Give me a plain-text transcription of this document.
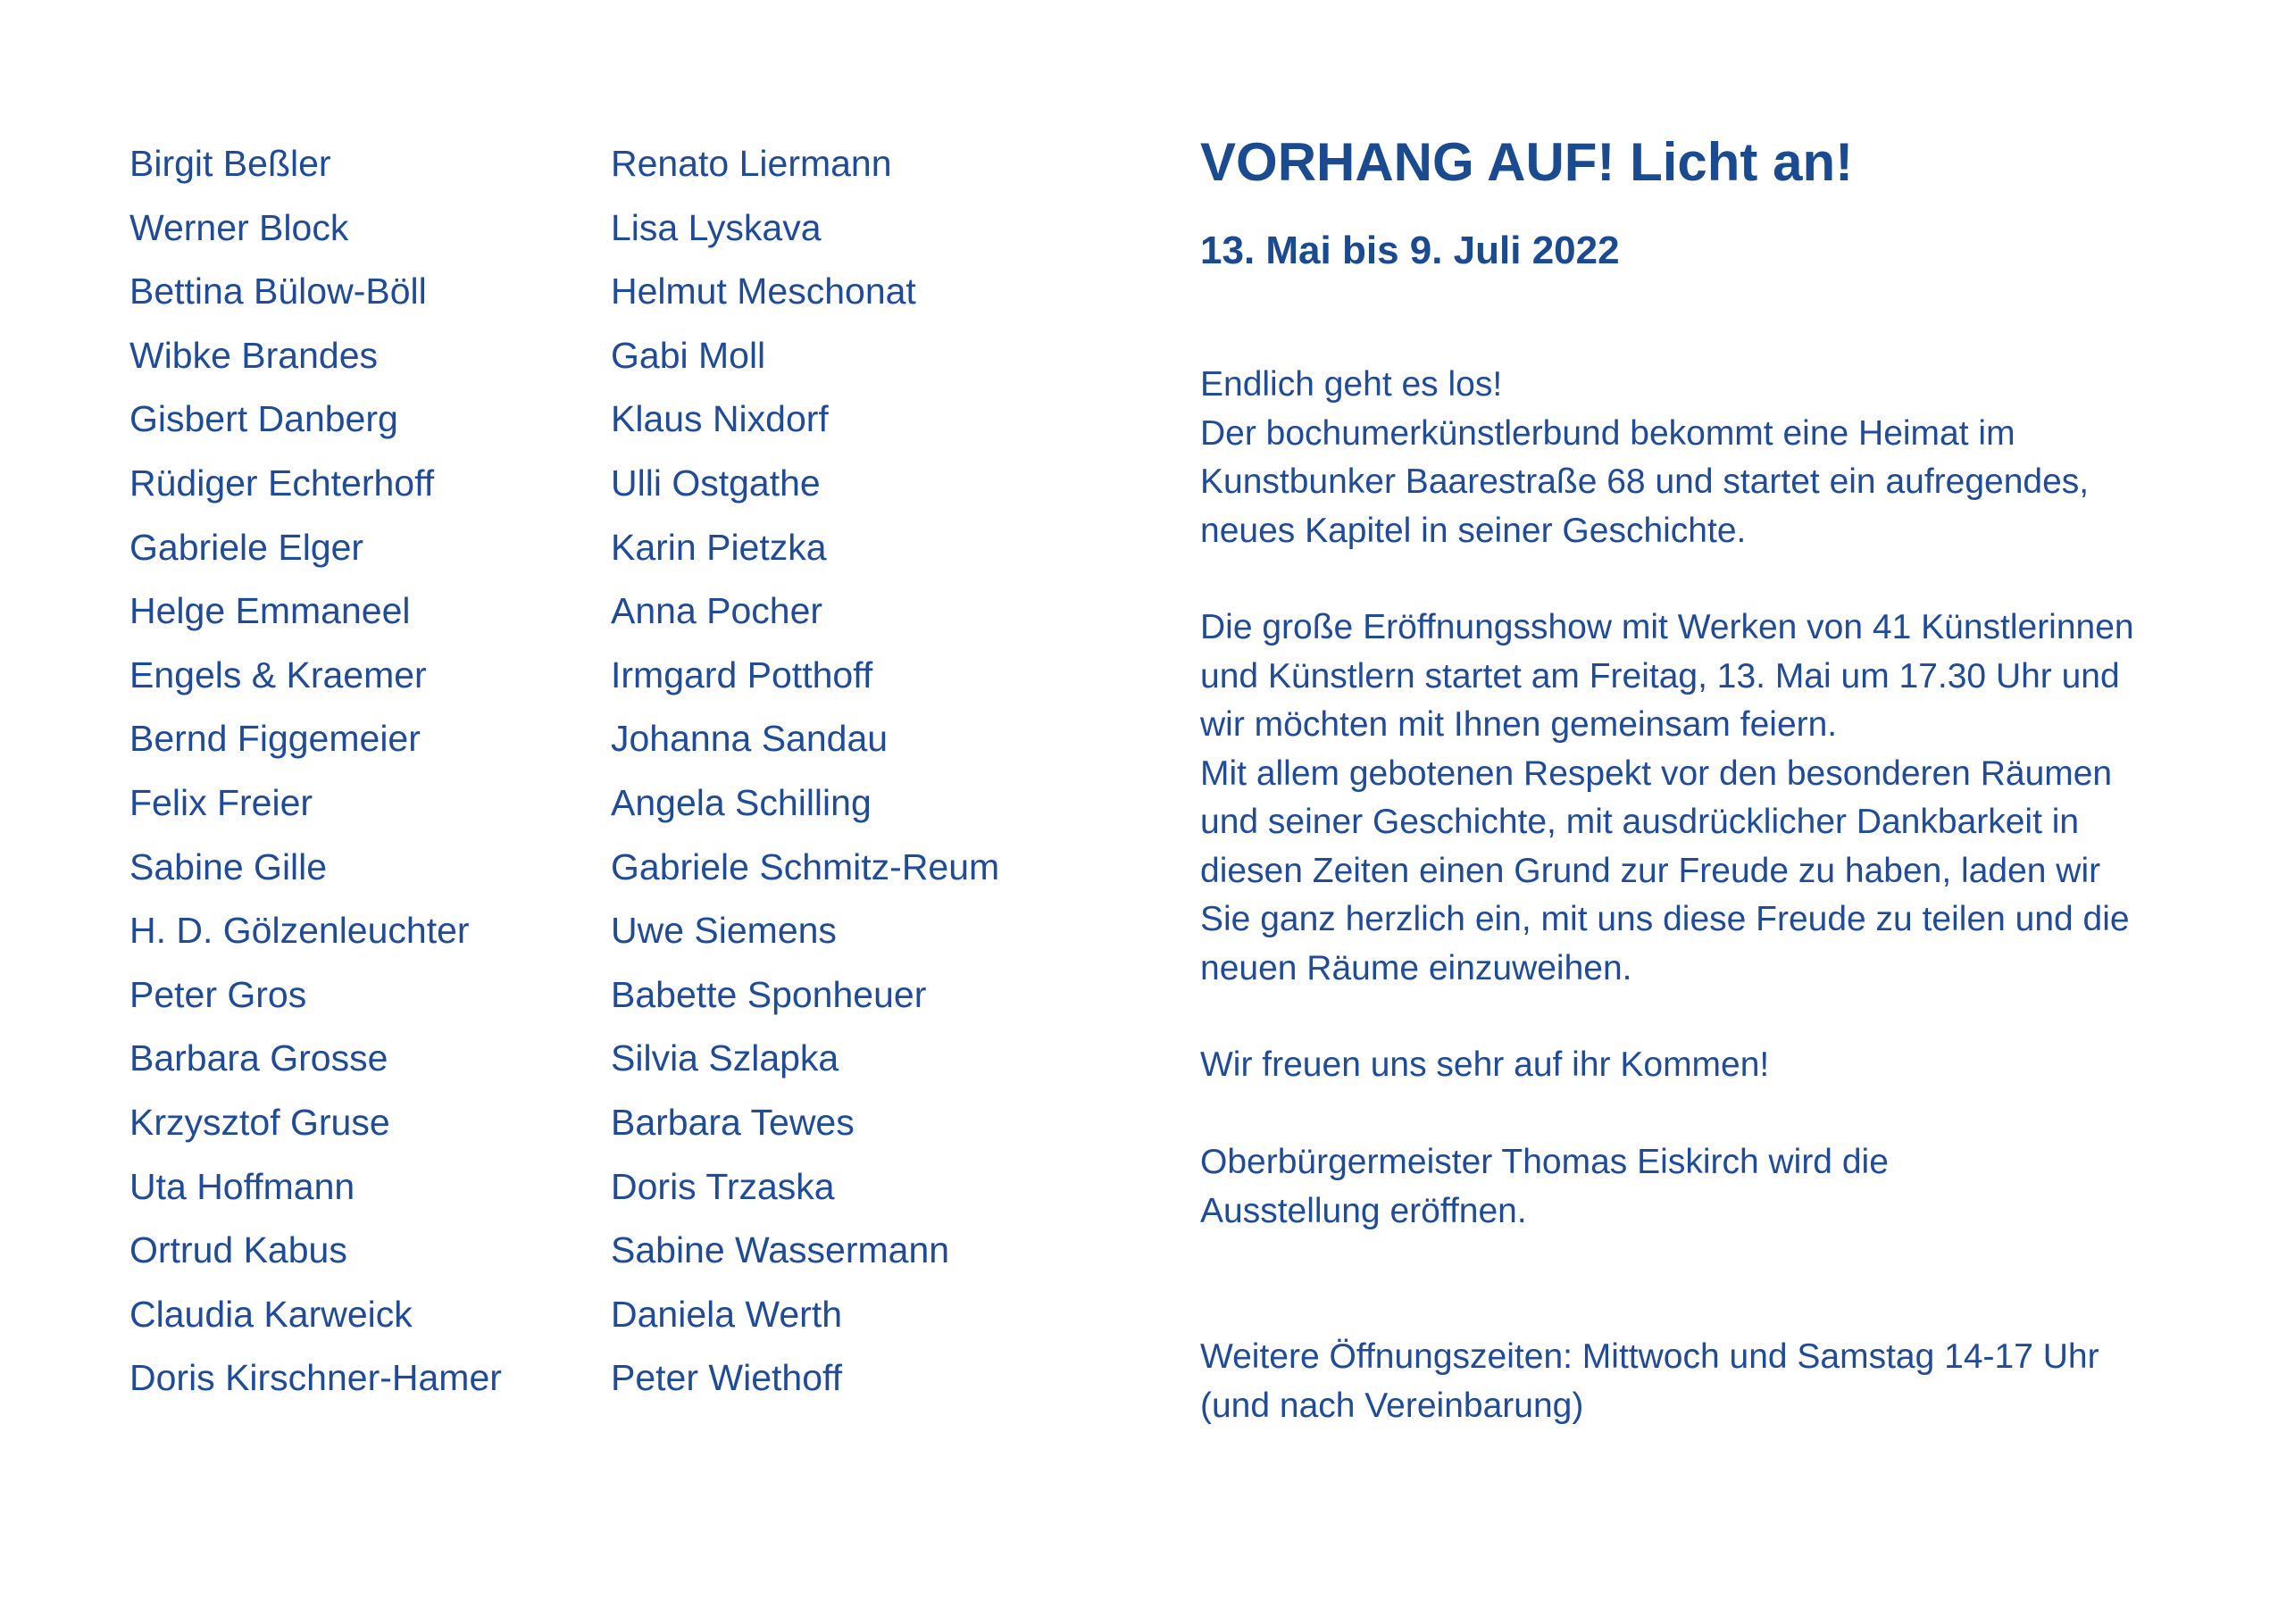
Birgit Beßler
Werner Block
Bettina Bülow-Böll
Wibke Brandes
Gisbert Danberg
Rüdiger Echterhoff
Gabriele Elger
Helge Emmaneel
Engels & Kraemer
Bernd Figgemeier
Felix Freier
Sabine Gille
H. D. Gölzenleuchter
Peter Gros
Barbara Grosse
Krzysztof Gruse
Uta Hoffmann
Ortrud Kabus
Claudia Karweick
Doris Kirschner-Hamer
Renato Liermann
Lisa Lyskava
Helmut Meschonat
Gabi Moll
Klaus Nixdorf
Ulli Ostgathe
Karin Pietzka
Anna Pocher
Irmgard Potthoff
Johanna Sandau
Angela Schilling
Gabriele Schmitz-Reum
Uwe Siemens
Babette Sponheuer
Silvia Szlapka
Barbara Tewes
Doris Trzaska
Sabine Wassermann
Daniela Werth
Peter Wiethoff
VORHANG AUF! Licht an!
13. Mai bis 9. Juli 2022

Endlich geht es los!
Der bochumerkünstlerbund bekommt eine Heimat im
Kunstbunker Baarestraße 68 und startet ein aufregendes,
neues Kapitel in seiner Geschichte.

Die große Eröffnungsshow mit Werken von 41 Künstlerinnen
und Künstlern startet am Freitag, 13. Mai um 17.30 Uhr und
wir möchten mit Ihnen gemeinsam feiern.
Mit allem gebotenen Respekt vor den besonderen Räumen
und seiner Geschichte, mit ausdrücklicher Dankbarkeit in
diesen Zeiten einen Grund zur Freude zu haben, laden wir
Sie ganz herzlich ein, mit uns diese Freude zu teilen und die
neuen Räume einzuweihen.

Wir freuen uns sehr auf ihr Kommen!

Oberbürgermeister Thomas Eiskirch wird die
Ausstellung eröffnen.

Weitere Öffnungszeiten: Mittwoch und Samstag 14-17 Uhr
(und nach Vereinbarung)
